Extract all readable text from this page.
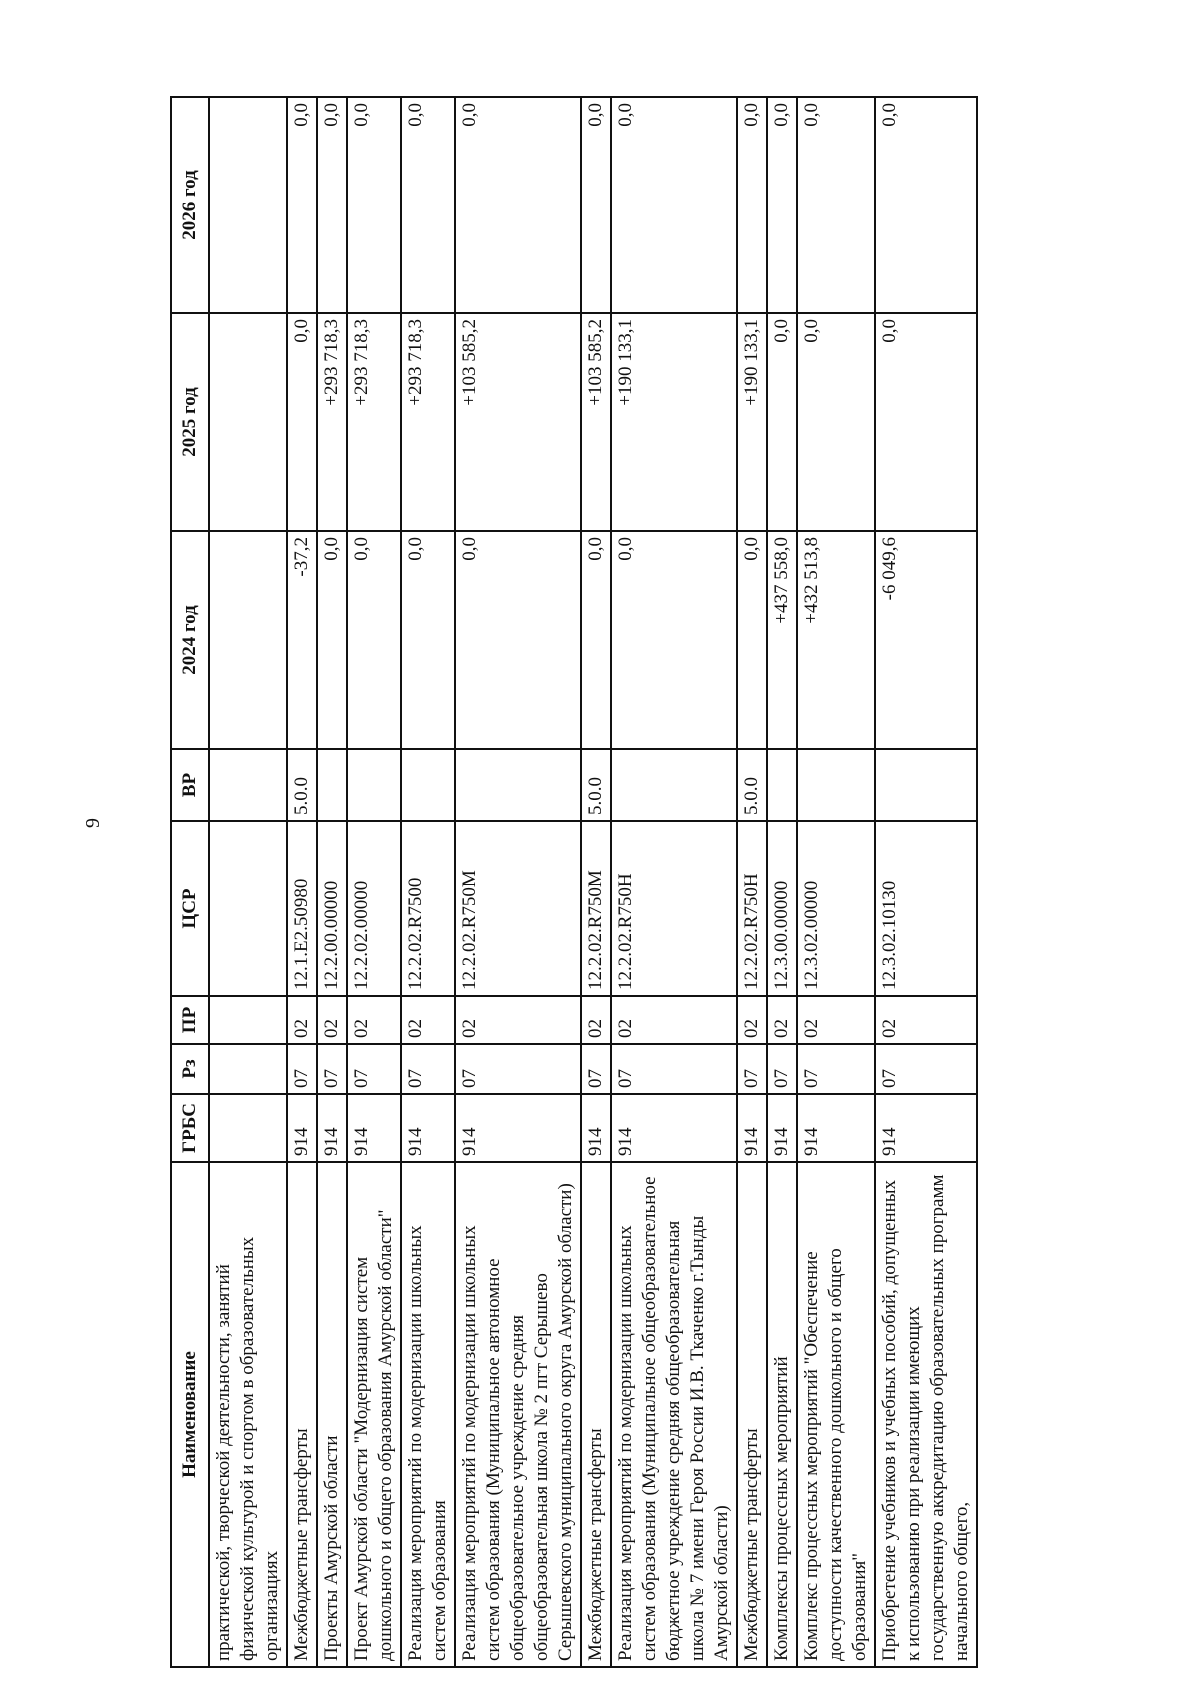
9
Наименование	ГРБС	Рз	ПР	ЦСР	ВР	2024 год	2025 год	2026 год
практической, творческой деятельности, занятий физической культурой и спортом в образовательных организациях								
Межбюджетные трансферты	914	07	02	12.1.Е2.50980	5.0.0	-37,2	0,0	0,0
Проекты Амурской области	914	07	02	12.2.00.00000		0,0	+293 718,3	0,0
Проект Амурской области "Модернизация систем дошкольного и общего образования Амурской области"	914	07	02	12.2.02.00000		0,0	+293 718,3	0,0
Реализация мероприятий по модернизации школьных систем образования	914	07	02	12.2.02.R7500		0,0	+293 718,3	0,0
Реализация мероприятий по модернизации школьных систем образования (Муниципальное автономное общеобразовательное учреждение средняя общеобразовательная школа № 2 пгт Серышево Серышевского муниципального округа Амурской области)	914	07	02	12.2.02.R750М		0,0	+103 585,2	0,0
Межбюджетные трансферты	914	07	02	12.2.02.R750М	5.0.0	0,0	+103 585,2	0,0
Реализация мероприятий по модернизации школьных систем образования (Муниципальное общеобразовательное бюджетное учреждение средняя общеобразовательная школа № 7 имени Героя России И.В. Ткаченко г.Тынды Амурской области)	914	07	02	12.2.02.R750Н		0,0	+190 133,1	0,0
Межбюджетные трансферты	914	07	02	12.2.02.R750Н	5.0.0	0,0	+190 133,1	0,0
Комплексы процессных мероприятий	914	07	02	12.3.00.00000		+437 558,0	0,0	0,0
Комплекс процессных мероприятий "Обеспечение доступности качественного дошкольного и общего образования"	914	07	02	12.3.02.00000		+432 513,8	0,0	0,0
Приобретение учебников и учебных пособий, допущенных к использованию при реализации имеющих государственную аккредитацию образовательных программ начального общего,	914	07	02	12.3.02.10130		-6 049,6	0,0	0,0
